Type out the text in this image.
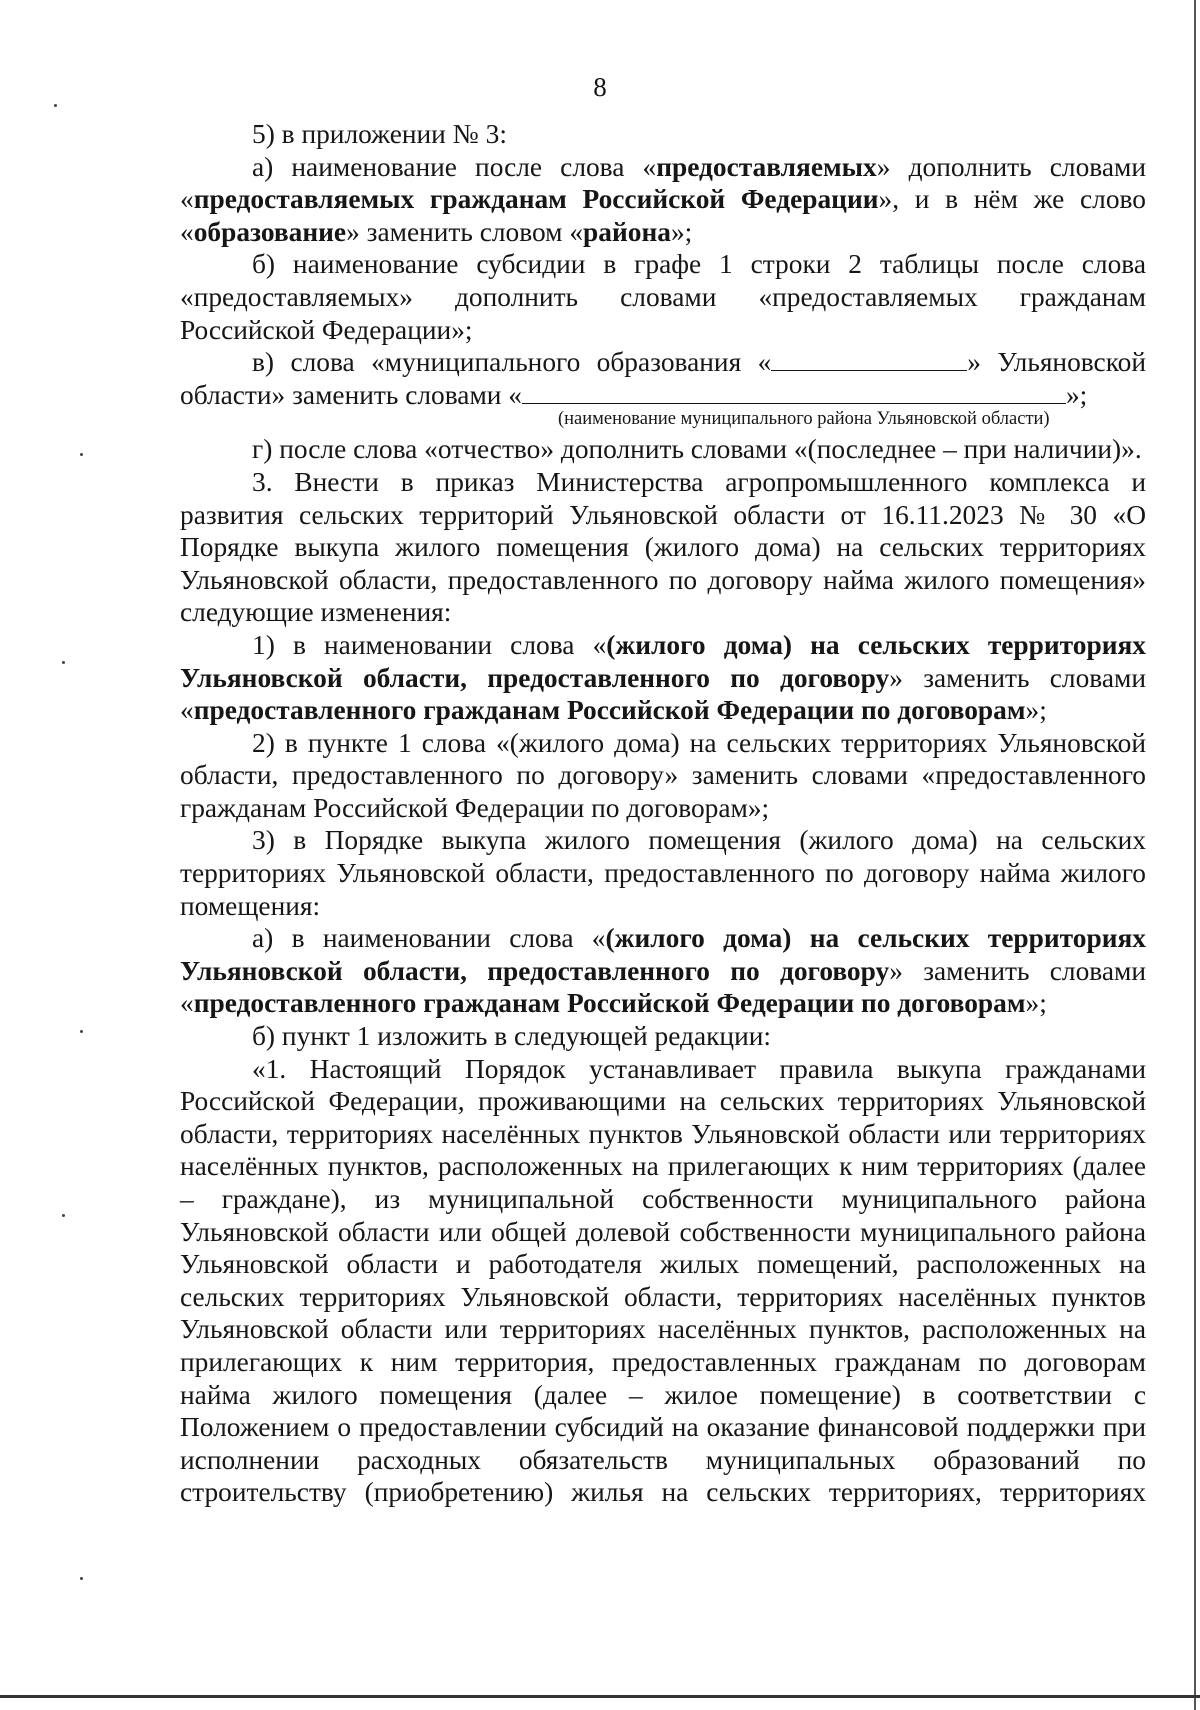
8

5) в приложении № 3:

а) наименование после слова «предоставляемых» дополнить словами «предоставляемых гражданам Российской Федерации», и в нём же слово «образование» заменить словом «района»;

б) наименование субсидии в графе 1 строки 2 таблицы после слова «предоставляемых» дополнить словами «предоставляемых гражданам Российской Федерации»;

в) слова «муниципального образования «	» Ульяновской области» заменить словами «	»;

(наименование муниципального района Ульяновской области)

г) после слова «отчество» дополнить словами «(последнее – при наличии)».

3. Внести в приказ Министерства агропромышленного комплекса и развития сельских территорий Ульяновской области от 16.11.2023 № 30 «О Порядке выкупа жилого помещения (жилого дома) на сельских территориях Ульяновской области, предоставленного по договору найма жилого помещения» следующие изменения:

1) в наименовании слова «(жилого дома) на сельских территориях Ульяновской области, предоставленного по договору» заменить словами «предоставленного гражданам Российской Федерации по договорам»;

2) в пункте 1 слова «(жилого дома) на сельских территориях Ульяновской области, предоставленного по договору» заменить словами «предоставленного гражданам Российской Федерации по договорам»;

3) в Порядке выкупа жилого помещения (жилого дома) на сельских территориях Ульяновской области, предоставленного по договору найма жилого помещения:

а) в наименовании слова «(жилого дома) на сельских территориях Ульяновской области, предоставленного по договору» заменить словами «предоставленного гражданам Российской Федерации по договорам»;

б) пункт 1 изложить в следующей редакции:

«1. Настоящий Порядок устанавливает правила выкупа гражданами Российской Федерации, проживающими на сельских территориях Ульяновской области, территориях населённых пунктов Ульяновской области или территориях населённых пунктов, расположенных на прилегающих к ним территориях (далее – граждане), из муниципальной собственности муниципального района Ульяновской области или общей долевой собственности муниципального района Ульяновской области и работодателя жилых помещений, расположенных на сельских территориях Ульяновской области, территориях населённых пунктов Ульяновской области или территориях населённых пунктов, расположенных на прилегающих к ним территория, предоставленных гражданам по договорам найма жилого помещения (далее – жилое помещение) в соответствии с Положением о предоставлении субсидий на оказание финансовой поддержки при исполнении расходных обязательств муниципальных образований по строительству (приобретению) жилья на сельских территориях, территориях
